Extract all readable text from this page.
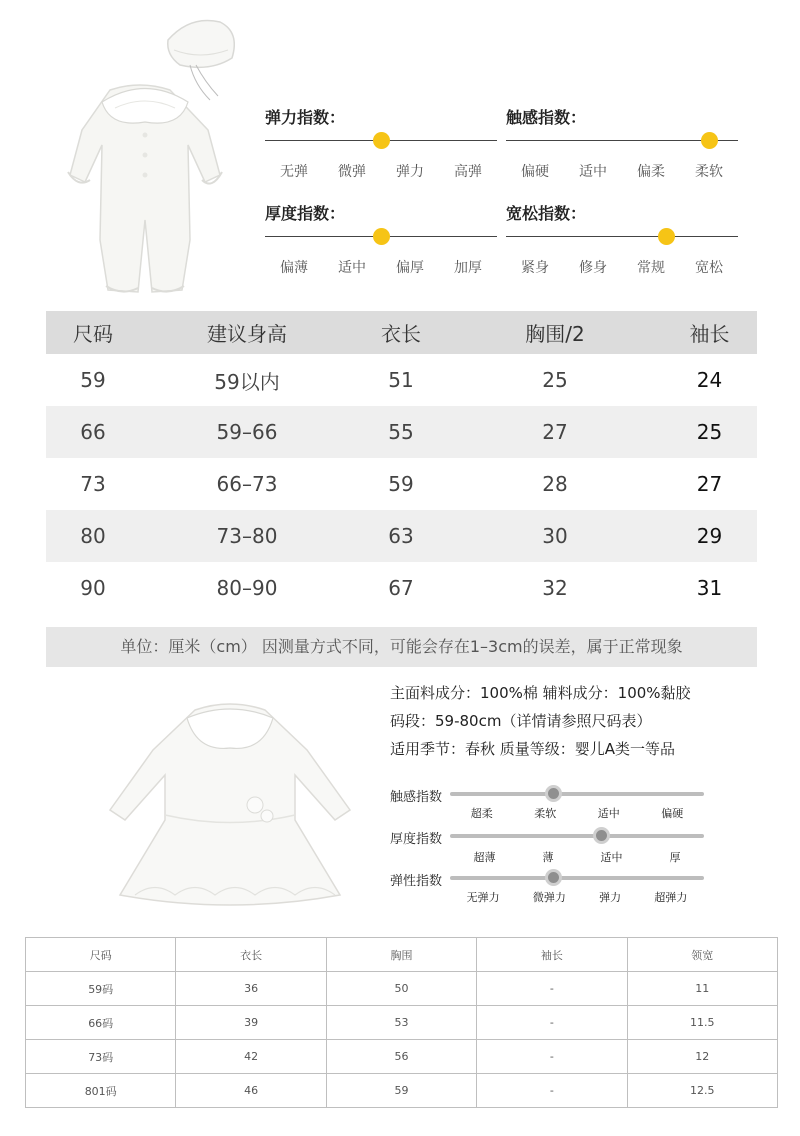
弹力指数：
无弹 微弹 弹力 高弹
触感指数：
偏硬 适中 偏柔 柔软
厚度指数：
偏薄 适中 偏厚 加厚
宽松指数：
紧身 修身 常规 宽松
尺码	建议身高	衣长	胸围/2	袖长
59	59以内	51	25	24
66	59–66	55	27	25
73	66–73	59	28	27
80	73–80	63	30	29
90	80–90	67	32	31
单位：厘米（cm） 因测量方式不同，可能会存在1–3cm的误差，属于正常现象
主面料成分：100%棉 辅料成分：100%黏胶
码段：59-80cm（详情请参照尺码表）
适用季节：春秋 质量等级：婴儿A类一等品
触感指数
超柔	柔软	适中	偏硬
厚度指数
超薄	薄	适中	厚
弹性指数
无弹力	微弹力	弹力	超弹力
尺码	衣长	胸围	袖长	领宽
59码	36	50	-	11
66码	39	53	-	11.5
73码	42	56	-	12
801码	46	59	-	12.5
